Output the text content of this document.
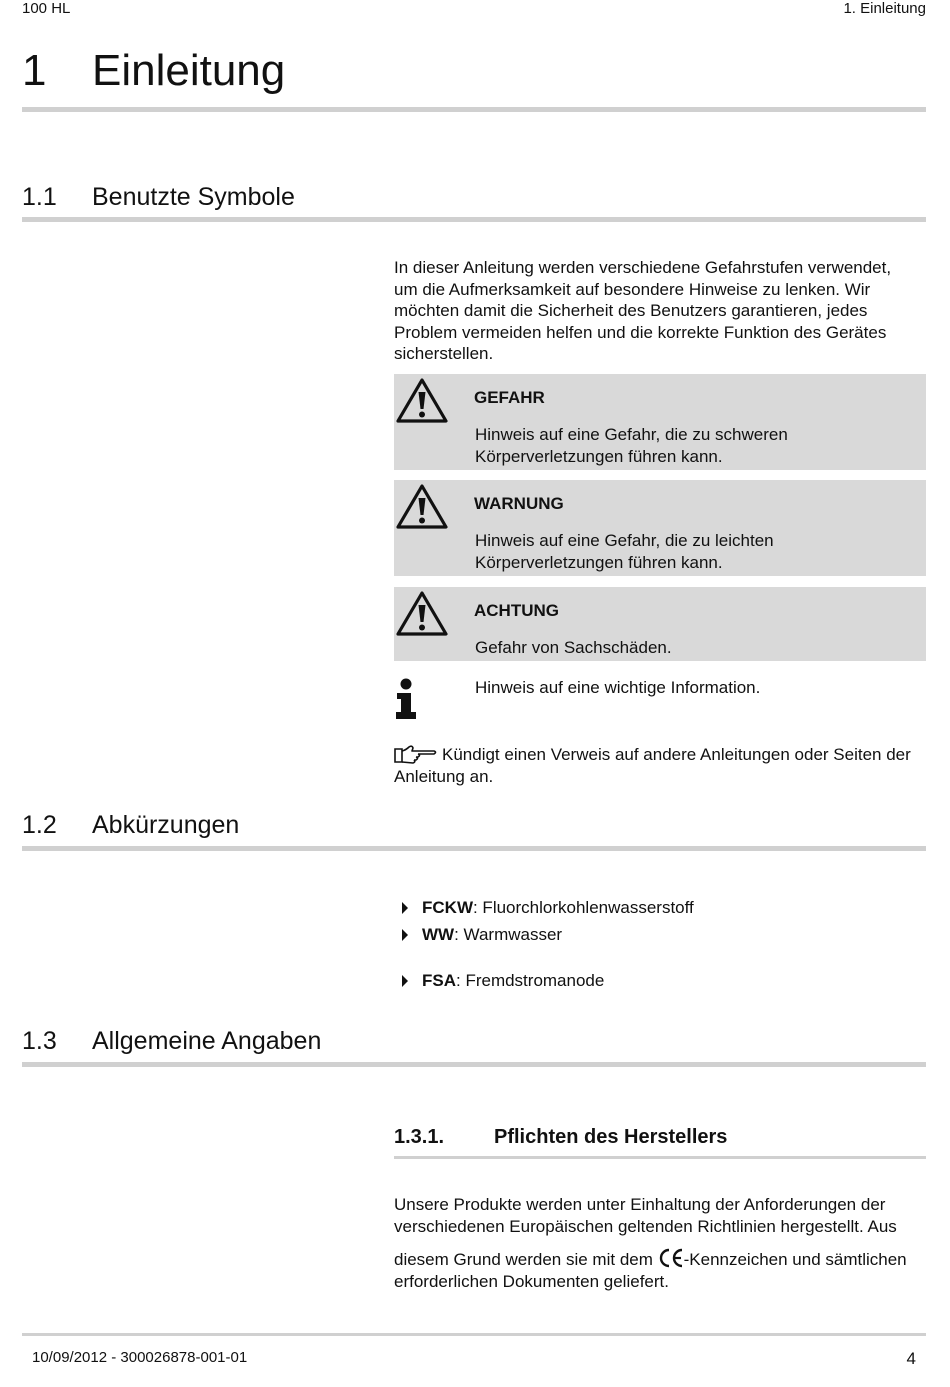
100 HL	1. Einleitung
1 Einleitung
1.1 Benutzte Symbole
In dieser Anleitung werden verschiedene Gefahrstufen verwendet,
um die Aufmerksamkeit auf besondere Hinweise zu lenken. Wir
möchten damit die Sicherheit des Benutzers garantieren, jedes
Problem vermeiden helfen und die korrekte Funktion des Gerätes
sicherstellen.
GEFAHR
Hinweis auf eine Gefahr, die zu schweren
Körperverletzungen führen kann.
WARNUNG
Hinweis auf eine Gefahr, die zu leichten
Körperverletzungen führen kann.
ACHTUNG
Gefahr von Sachschäden.
Hinweis auf eine wichtige Information.
Kündigt einen Verweis auf andere Anleitungen oder Seiten der
Anleitung an.
1.2 Abkürzungen
FCKW : Fluorchlorkohlenwasserstoff
WW : Warmwasser
FSA : Fremdstromanode
1.3 Allgemeine Angaben
1.3.1. Pflichten des Herstellers
Unsere Produkte werden unter Einhaltung der Anforderungen der
verschiedenen Europäischen geltenden Richtlinien hergestellt. Aus
diesem Grund werden sie mit dem -Kennzeichen und sämtlichen
erforderlichen Dokumenten geliefert.
10/09/2012 - 300026878-001-01	4
